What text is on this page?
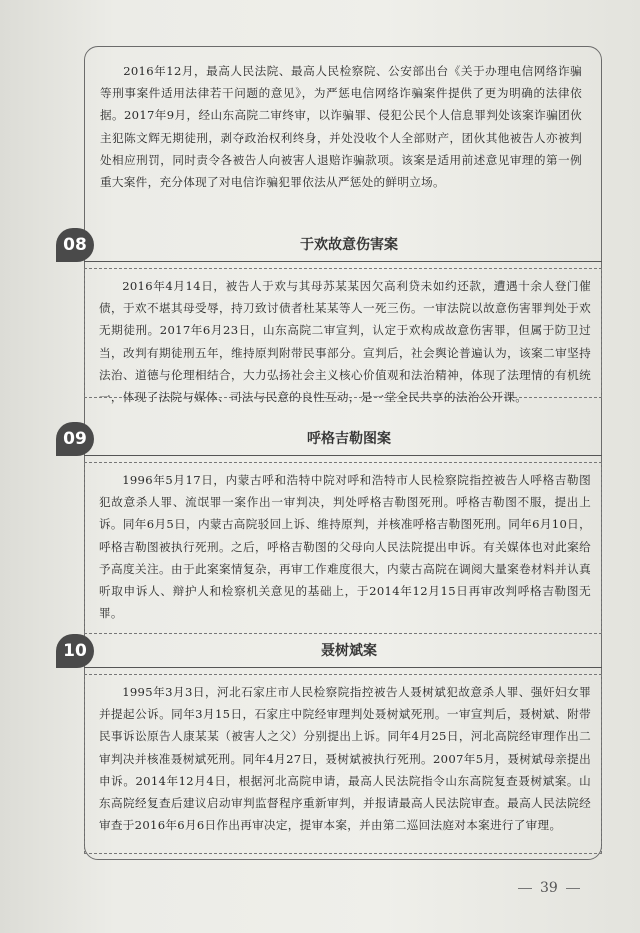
2016年12月，最高人民法院、最高人民检察院、公安部出台《关于办理电信网络诈骗等刑事案件适用法律若干问题的意见》，为严惩电信网络诈骗案件提供了更为明确的法律依据。2017年9月，经山东高院二审终审，以诈骗罪、侵犯公民个人信息罪判处该案诈骗团伙主犯陈文辉无期徒刑，剥夺政治权利终身，并处没收个人全部财产，团伙其他被告人亦被判处相应刑罚，同时责令各被告人向被害人退赔诈骗款项。该案是适用前述意见审理的第一例重大案件，充分体现了对电信诈骗犯罪依法从严惩处的鲜明立场。
08	于欢故意伤害案
2016年4月14日，被告人于欢与其母苏某某因欠高利贷未如约还款，遭遇十余人登门催债，于欢不堪其母受辱，持刀致讨债者杜某某等人一死三伤。一审法院以故意伤害罪判处于欢无期徒刑。2017年6月23日，山东高院二审宣判，认定于欢构成故意伤害罪，但属于防卫过当，改判有期徒刑五年，维持原判附带民事部分。宣判后，社会舆论普遍认为，该案二审坚持法治、道德与伦理相结合，大力弘扬社会主义核心价值观和法治精神，体现了法理情的有机统一，体现了法院与媒体、司法与民意的良性互动，是一堂全民共享的法治公开课。
09	呼格吉勒图案
1996年5月17日，内蒙古呼和浩特中院对呼和浩特市人民检察院指控被告人呼格吉勒图犯故意杀人罪、流氓罪一案作出一审判决，判处呼格吉勒图死刑。呼格吉勒图不服，提出上诉。同年6月5日，内蒙古高院驳回上诉、维持原判，并核准呼格吉勒图死刑。同年6月10日，呼格吉勒图被执行死刑。之后，呼格吉勒图的父母向人民法院提出申诉。有关媒体也对此案给予高度关注。由于此案案情复杂，再审工作难度很大，内蒙古高院在调阅大量案卷材料并认真听取申诉人、辩护人和检察机关意见的基础上，于2014年12月15日再审改判呼格吉勒图无罪。
10	聂树斌案
1995年3月3日，河北石家庄市人民检察院指控被告人聂树斌犯故意杀人罪、强奸妇女罪并提起公诉。同年3月15日，石家庄中院经审理判处聂树斌死刑。一审宣判后，聂树斌、附带民事诉讼原告人康某某（被害人之父）分别提出上诉。同年4月25日，河北高院经审理作出二审判决并核准聂树斌死刑。同年4月27日，聂树斌被执行死刑。2007年5月，聂树斌母亲提出申诉。2014年12月4日，根据河北高院申请，最高人民法院指令山东高院复查聂树斌案。山东高院经复查后建议启动审判监督程序重新审判，并报请最高人民法院审查。最高人民法院经审查于2016年6月6日作出再审决定，提审本案，并由第二巡回法庭对本案进行了审理。
39
